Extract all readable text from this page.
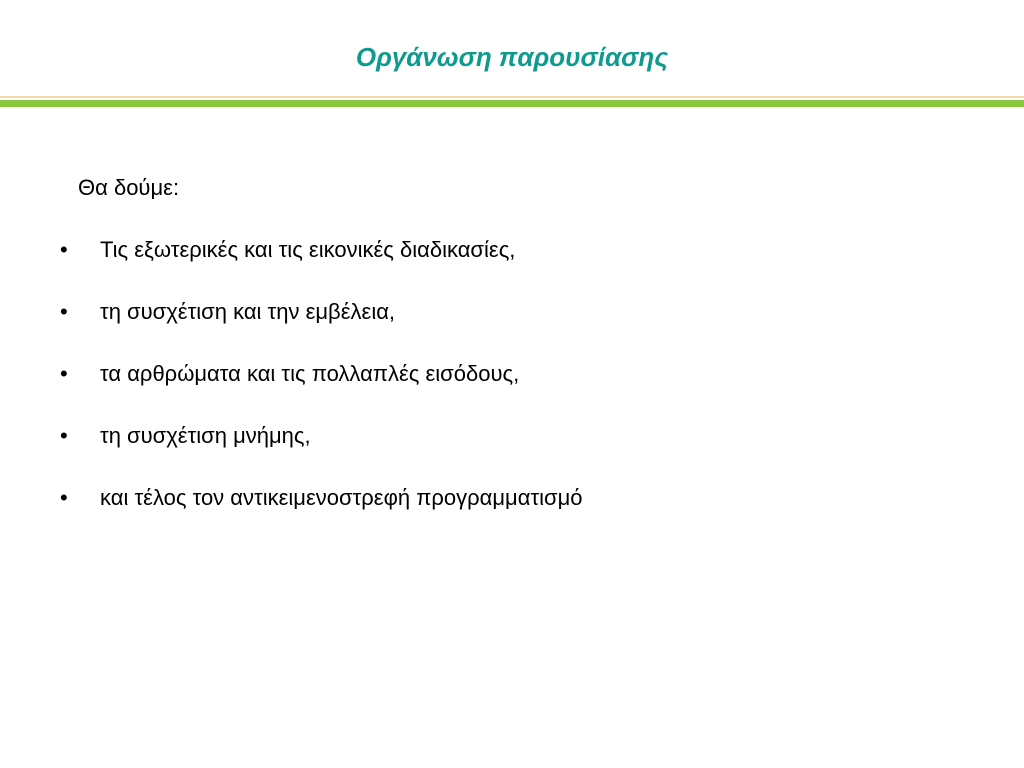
Οργάνωση παρουσίασης
Θα δούμε:
• Τις εξωτερικές και τις εικονικές διαδικασίες,
• τη συσχέτιση και την εμβέλεια,
• τα αρθρώματα και τις πολλαπλές εισόδους,
• τη συσχέτιση μνήμης,
• και τέλος τον αντικειμενοστρεφή προγραμματισμό
